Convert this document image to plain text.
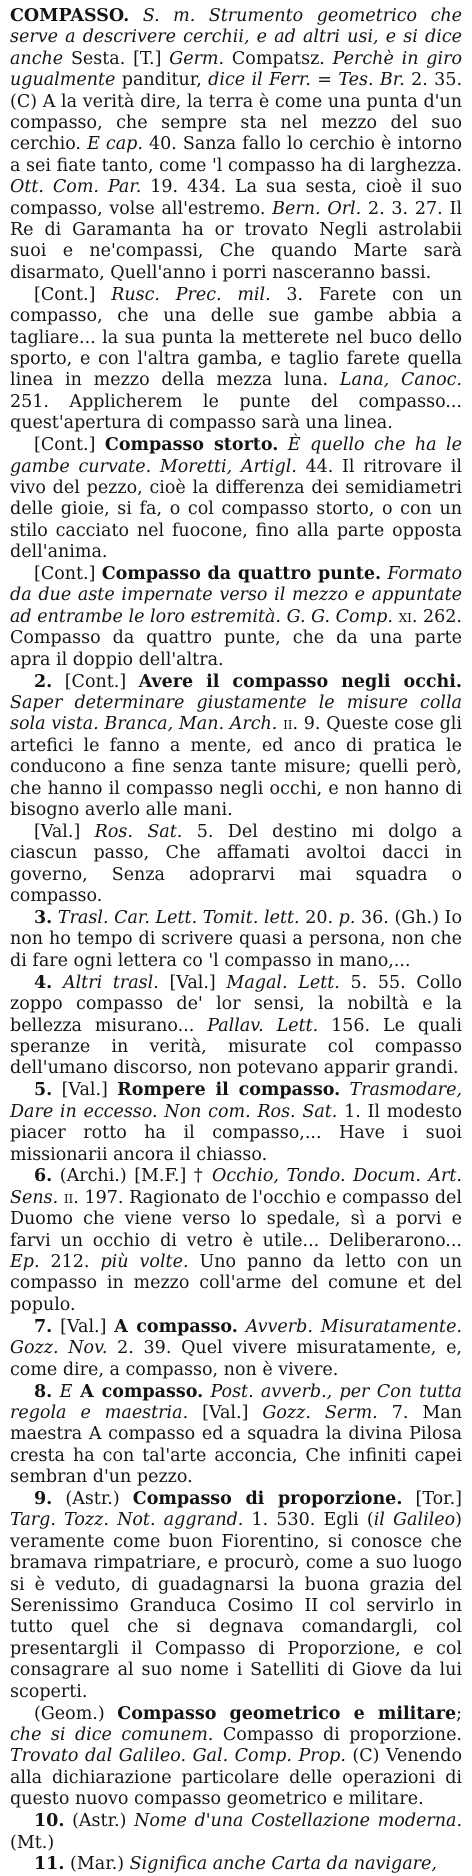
COMPASSO. S. m. Strumento geometrico che serve a descrivere cerchii, e ad altri usi, e si dice anche Sesta. [T.] Germ. Compatsz. Perchè in giro ugualmente panditur, dice il Ferr. = Tes. Br. 2. 35. (C) A la verità dire, la terra è come una punta d'un compasso, che sempre sta nel mezzo del suo cerchio. E cap. 40. Sanza fallo lo cerchio è intorno a sei fiate tanto, come 'l compasso ha di larghezza. Ott. Com. Par. 19. 434. La sua sesta, cioè il suo compasso, volse all'estremo. Bern. Orl. 2. 3. 27. Il Re di Garamanta ha or trovato Negli astrolabii suoi e ne'compassi, Che quando Marte sarà disarmato, Quell'anno i porri nasceranno bassi.

[Cont.] Rusc. Prec. mil. 3. Farete con un compasso, che una delle sue gambe abbia a tagliare... la sua punta la metterete nel buco dello sporto, e con l'altra gamba, e taglio farete quella linea in mezzo della mezza luna. Lana, Canoc. 251. Applicherem le punte del compasso... quest'apertura di compasso sarà una linea.

[Cont.] Compasso storto. È quello che ha le gambe curvate. Moretti, Artigl. 44. Il ritrovare il vivo del pezzo, cioè la differenza dei semidiametri delle gioie, si fa, o col compasso storto, o con un stilo cacciato nel fuocone, fino alla parte opposta dell'anima.

[Cont.] Compasso da quattro punte. Formato da due aste impernate verso il mezzo e appuntate ad entrambe le loro estremità. G. G. Comp. xi. 262. Compasso da quattro punte, che da una parte apra il doppio dell'altra.

2. [Cont.] Avere il compasso negli occhi. Saper determinare giustamente le misure colla sola vista. Branca, Man. Arch. ii. 9. Queste cose gli artefici le fanno a mente, ed anco di pratica le conducono a fine senza tante misure; quelli però, che hanno il compasso negli occhi, e non hanno di bisogno averlo alle mani.

[Val.] Ros. Sat. 5. Del destino mi dolgo a ciascun passo, Che affamati avoltoi dacci in governo, Senza adoprarvi mai squadra o compasso.

3. Trasl. Car. Lett. Tomit. lett. 20. p. 36. (Gh.) Io non ho tempo di scrivere quasi a persona, non che di fare ogni lettera co 'l compasso in mano,...

4. Altri trasl. [Val.] Magal. Lett. 5. 55. Collo zoppo compasso de' lor sensi, la nobiltà e la bellezza misurano... Pallav. Lett. 156. Le quali speranze in verità, misurate col compasso dell'umano discorso, non potevano apparir grandi.

5. [Val.] Rompere il compasso. Trasmodare, Dare in eccesso. Non com. Ros. Sat. 1. Il modesto piacer rotto ha il compasso,... Have i suoi missionarii ancora il chiasso.

6. (Archi.) [M.F.] † Occhio, Tondo. Docum. Art. Sens. ii. 197. Ragionato de l'occhio e compasso del Duomo che viene verso lo spedale, sì a porvi e farvi un occhio di vetro è utile... Deliberarono... Ep. 212. più volte. Uno panno da letto con un compasso in mezzo coll'arme del comune et del populo.

7. [Val.] A compasso. Avverb. Misuratamente. Gozz. Nov. 2. 39. Quel vivere misuratamente, e, come dire, a compasso, non è vivere.

8. E A compasso. Post. avverb., per Con tutta regola e maestria. [Val.] Gozz. Serm. 7. Man maestra A compasso ed a squadra la divina Pilosa cresta ha con tal'arte acconcia, Che infiniti capei sembran d'un pezzo.

9. (Astr.) Compasso di proporzione. [Tor.] Targ. Tozz. Not. aggrand. 1. 530. Egli (il Galileo) veramente come buon Fiorentino, si conosce che bramava rimpatriare, e procurò, come a suo luogo si è veduto, di guadagnarsi la buona grazia del Serenissimo Granduca Cosimo II col servirlo in tutto quel che si degnava comandargli, col presentargli il Compasso di Proporzione, e col consagrare al suo nome i Satelliti di Giove da lui scoperti.

(Geom.) Compasso geometrico e militare; che si dice comunem. Compasso di proporzione. Trovato dal Galileo. Gal. Comp. Prop. (C) Venendo alla dichiarazione particolare delle operazioni di questo nuovo compasso geometrico e militare.

10. (Astr.) Nome d'una Costellazione moderna. (Mt.)

11. (Mar.) Significa anche Carta da navigare,
